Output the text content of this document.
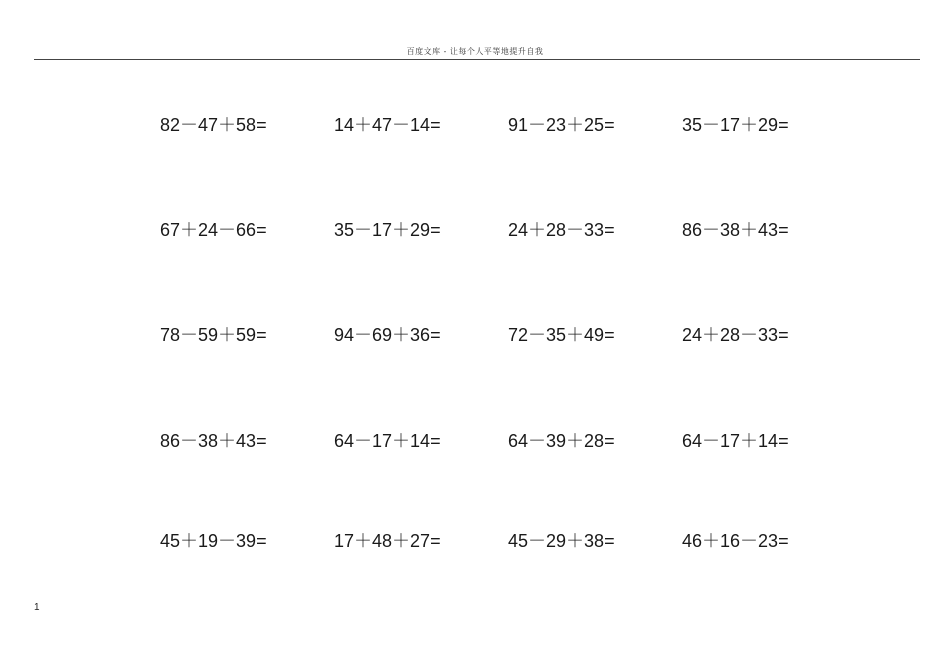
百度文库 - 让每个人平等地提升自我
82－47＋58=	14＋47－14=	91－23＋25=	35－17＋29=
67＋24－66=	35－17＋29=	24＋28－33=	86－38＋43=
78－59＋59=	94－69＋36=	72－35＋49=	24＋28－33=
86－38＋43=	64－17＋14=	64－39＋28=	64－17＋14=
45＋19－39=	17＋48＋27=	45－29＋38=	46＋16－23=
1
